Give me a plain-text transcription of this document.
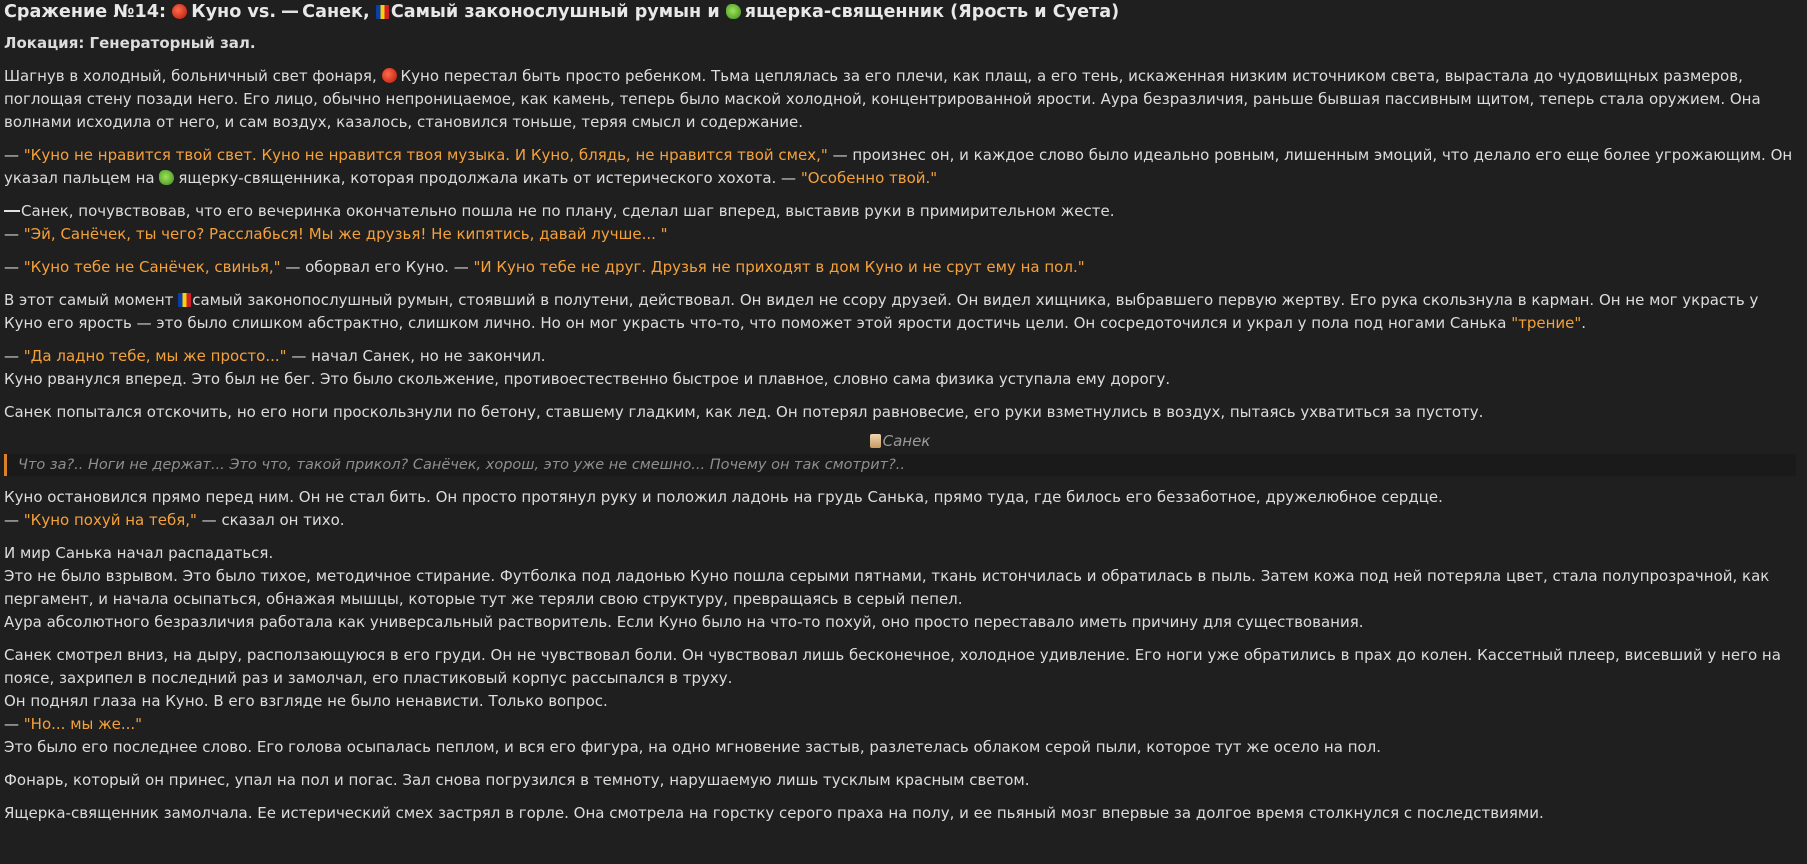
Сражение №14: Куно vs. Санек, Самый законослушный румын и ящерка-священник (Ярость и Суета)
Локация: Генераторный зал.

Шагнув в холодный, больничный свет фонаря, Куно перестал быть просто ребенком. Тьма цеплялась за его плечи, как плащ, а его тень, искаженная низким источником света, вырастала до чудовищных размеров, поглощая стену позади него. Его лицо, обычно непроницаемое, как камень, теперь было маской холодной, концентрированной ярости. Аура безразличия, раньше бывшая пассивным щитом, теперь стала оружием. Она волнами исходила от него, и сам воздух, казалось, становился тоньше, теряя смысл и содержание.

— "Куно не нравится твой свет. Куно не нравится твоя музыка. И Куно, блядь, не нравится твой смех," — произнес он, и каждое слово было идеально ровным, лишенным эмоций, что делало его еще более угрожающим. Он указал пальцем на ящерку-священника, которая продолжала икать от истерического хохота. — "Особенно твой."

Санек, почувствовав, что его вечеринка окончательно пошла не по плану, сделал шаг вперед, выставив руки в примирительном жесте.

— "Эй, Санёчек, ты чего? Расслабься! Мы же друзья! Не кипятись, давай лучше... "

— "Куно тебе не Санёчек, свинья," — оборвал его Куно. — "И Куно тебе не друг. Друзья не приходят в дом Куно и не срут ему на пол."

В этот самый момент самый законопослушный румын, стоявший в полутени, действовал. Он видел не ссору друзей. Он видел хищника, выбравшего первую жертву. Его рука скользнула в карман. Он не мог украсть у Куно его ярость — это было слишком абстрактно, слишком лично. Но он мог украсть что-то, что поможет этой ярости достичь цели. Он сосредоточился и украл у пола под ногами Санька "трение".

— "Да ладно тебе, мы же просто..." — начал Санек, но не закончил.

Куно рванулся вперед. Это был не бег. Это было скольжение, противоестественно быстрое и плавное, словно сама физика уступала ему дорогу.

Санек попытался отскочить, но его ноги проскользнули по бетону, ставшему гладким, как лед. Он потерял равновесие, его руки взметнулись в воздух, пытаясь ухватиться за пустоту.

Санек
Что за?.. Ноги не держат... Это что, такой прикол? Санёчек, хорош, это уже не смешно... Почему он так смотрит?..

Куно остановился прямо перед ним. Он не стал бить. Он просто протянул руку и положил ладонь на грудь Санька, прямо туда, где билось его беззаботное, дружелюбное сердце.

— "Куно похуй на тебя," — сказал он тихо.

И мир Санька начал распадаться.

Это не было взрывом. Это было тихое, методичное стирание. Футболка под ладонью Куно пошла серыми пятнами, ткань истончилась и обратилась в пыль. Затем кожа под ней потеряла цвет, стала полупрозрачной, как пергамент, и начала осыпаться, обнажая мышцы, которые тут же теряли свою структуру, превращаясь в серый пепел.

Аура абсолютного безразличия работала как универсальный растворитель. Если Куно было на что-то похуй, оно просто переставало иметь причину для существования.

Санек смотрел вниз, на дыру, расползающуюся в его груди. Он не чувствовал боли. Он чувствовал лишь бесконечное, холодное удивление. Его ноги уже обратились в прах до колен. Кассетный плеер, висевший у него на поясе, захрипел в последний раз и замолчал, его пластиковый корпус рассыпался в труху.

Он поднял глаза на Куно. В его взгляде не было ненависти. Только вопрос.

— "Но... мы же..."

Это было его последнее слово. Его голова осыпалась пеплом, и вся его фигура, на одно мгновение застыв, разлетелась облаком серой пыли, которое тут же осело на пол.

Фонарь, который он принес, упал на пол и погас. Зал снова погрузился в темноту, нарушаемую лишь тусклым красным светом.

Ящерка-священник замолчала. Ее истерический смех застрял в горле. Она смотрела на горстку серого праха на полу, и ее пьяный мозг впервые за долгое время столкнулся с последствиями.
